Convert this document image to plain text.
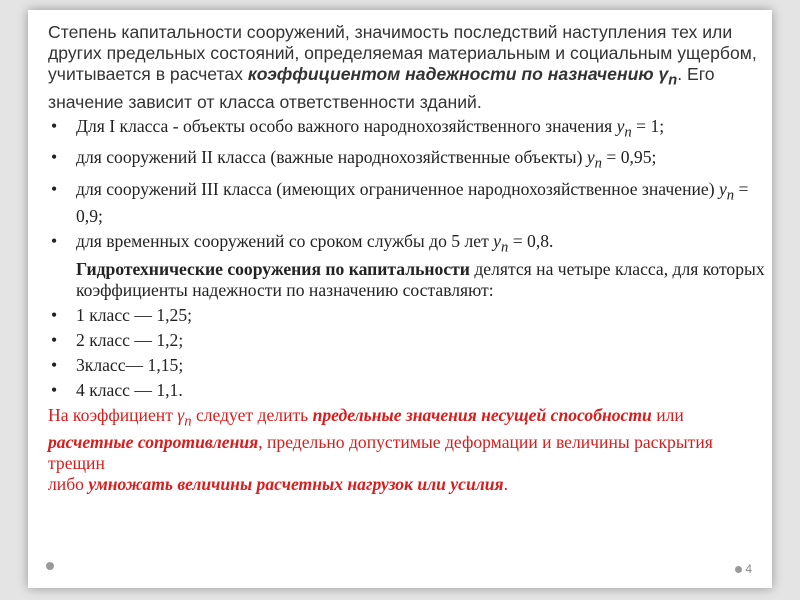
Степень капитальности сооружений, значимость последствий наступления тех или других предельных состояний, определяемая материальным и социальным ущербом, учитывается в расчетах коэффициентом надежности по назначению $\gamma_n$. Его значение зависит от класса ответственности зданий.

• Для I класса - объекты особо важного народнохозяйственного значения $y_n = 1$;
• для сооружений II класса (важные народнохозяйственные объекты) $y_n = 0,95$;
• для сооружений III класса (имеющих ограниченное народнохозяйственное значение) $y_n = 0,9$;
• для временных сооружений со сроком службы до 5 лет $y_n = 0,8$.
Гидротехнические сооружения по капитальности делятся на четыре класса, для которых коэффициенты надежности по назначению составляют:
• 1 класс — 1,25;
• 2 класс — 1,2;
• 3класс— 1,15;
• 4 класс — 1,1.

На коэффициент $\gamma_n$ следует делить предельные значения несущей способности или расчетные сопротивления, предельно допустимые деформации и величины раскрытия трещин

либо умножать величины расчетных нагрузок или усилия.

4
